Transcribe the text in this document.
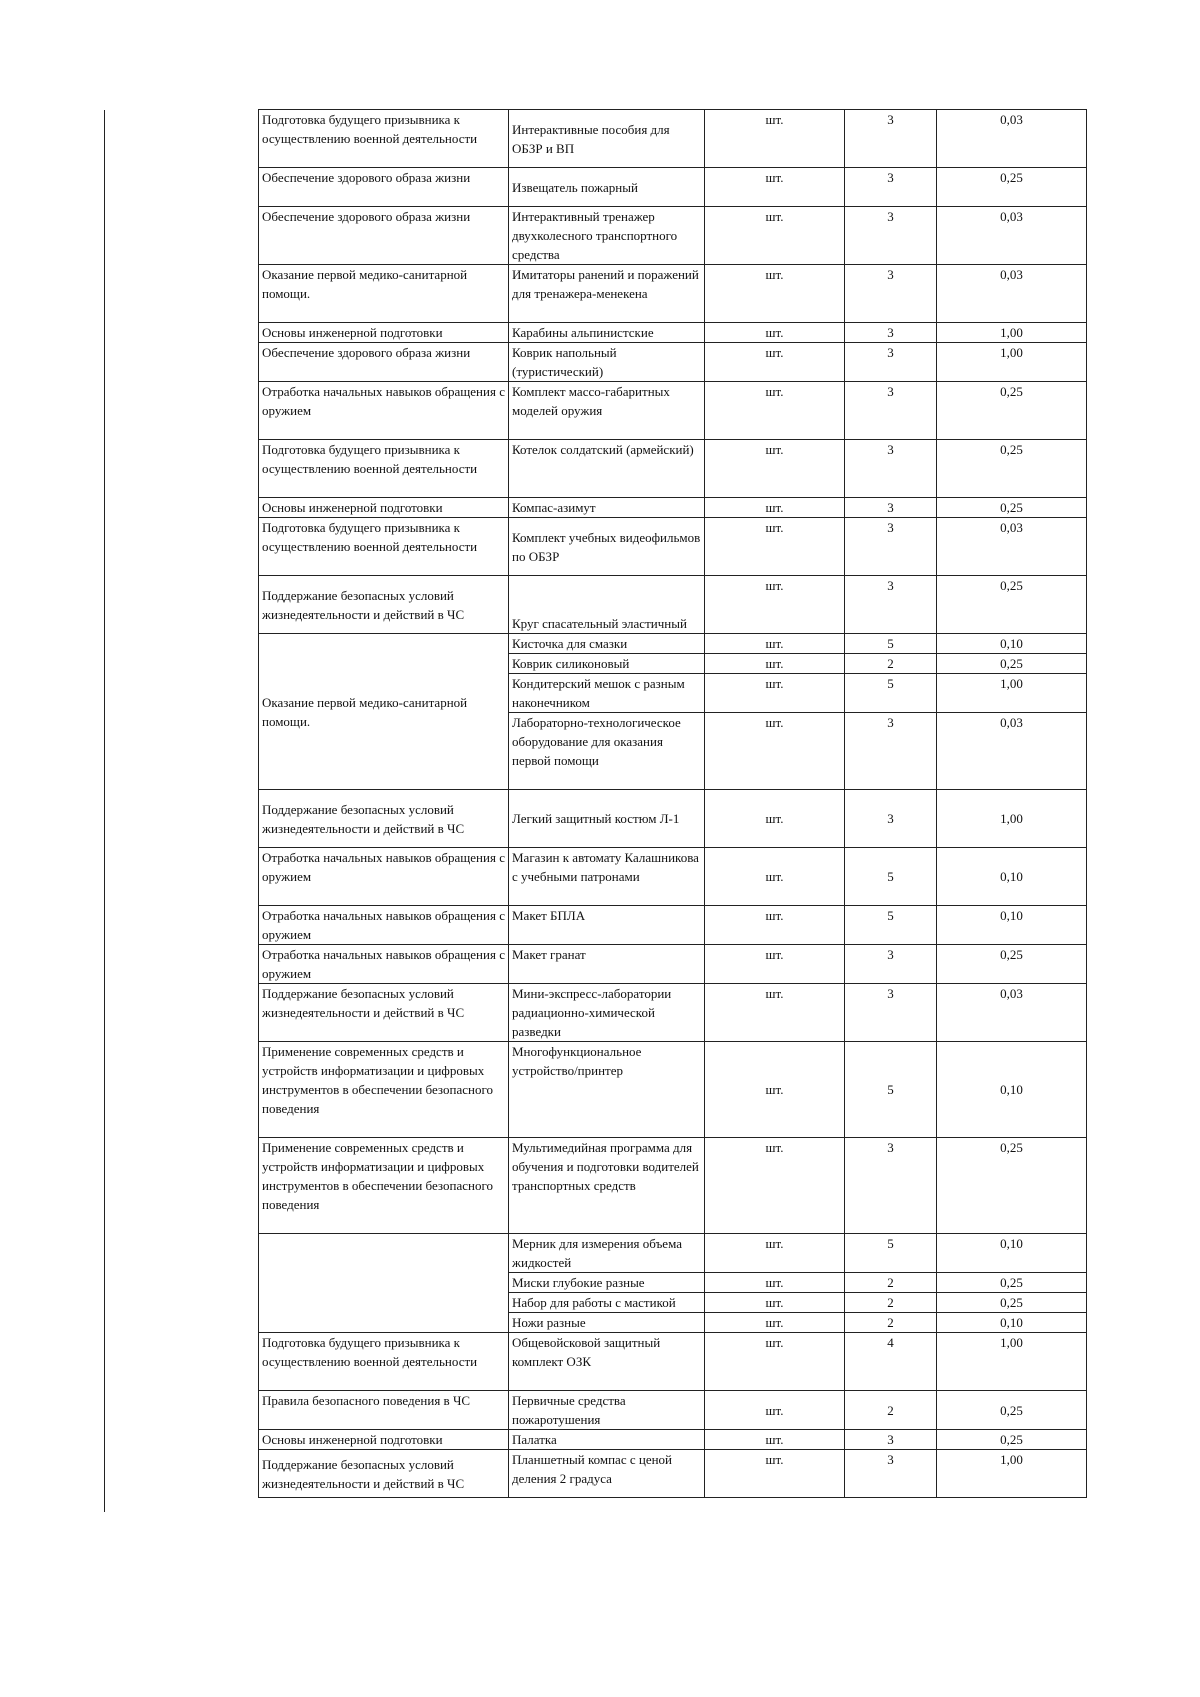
Подготовка будущего призывника к осуществлению военной деятельности	Интерактивные пособия для ОБЗР и ВП	шт.	3	0,03
Обеспечение здорового образа жизни	Извещатель пожарный	шт.	3	0,25
Обеспечение здорового образа жизни	Интерактивный тренажер двухколесного транспортного средства	шт.	3	0,03
Оказание первой медико-санитарной помощи.	Имитаторы ранений и поражений для тренажера-менекена	шт.	3	0,03
Основы инженерной подготовки	Карабины альпинистские	шт.	3	1,00
Обеспечение здорового образа жизни	Коврик напольный (туристический)	шт.	3	1,00
Отработка начальных навыков обращения с оружием	Комплект массо-габаритных моделей оружия	шт.	3	0,25
Подготовка будущего призывника к осуществлению военной деятельности	Котелок солдатский (армейский)	шт.	3	0,25
Основы инженерной подготовки	Компас-азимут	шт.	3	0,25
Подготовка будущего призывника к осуществлению военной деятельности	Комплект учебных видеофильмов по ОБЗР	шт.	3	0,03
Поддержание безопасных условий жизнедеятельности и действий в ЧС	Круг спасательный эластичный	шт.	3	0,25
Оказание первой медико-санитарной помощи.	Кисточка для смазки	шт.	5	0,10
	Коврик силиконовый	шт.	2	0,25
	Кондитерский мешок с разным наконечником	шт.	5	1,00
	Лабораторно-технологическое оборудование для оказания первой помощи	шт.	3	0,03
Поддержание безопасных условий жизнедеятельности и действий в ЧС	Легкий защитный костюм Л-1	шт.	3	1,00
Отработка начальных навыков обращения с оружием	Магазин к автомату Калашникова с учебными патронами	шт.	5	0,10
Отработка начальных навыков обращения с оружием	Макет БПЛА	шт.	5	0,10
Отработка начальных навыков обращения с оружием	Макет гранат	шт.	3	0,25
Поддержание безопасных условий жизнедеятельности и действий в ЧС	Мини-экспресс-лаборатории радиационно-химической разведки	шт.	3	0,03
Применение современных средств и устройств информатизации и цифровых инструментов в обеспечении безопасного поведения	Многофункциональное устройство/принтер	шт.	5	0,10
Применение современных средств и устройств информатизации и цифровых инструментов в обеспечении безопасного поведения	Мультимедийная программа для обучения и подготовки водителей транспортных средств	шт.	3	0,25
	Мерник для измерения объема жидкостей	шт.	5	0,10
	Миски глубокие разные	шт.	2	0,25
	Набор для работы с мастикой	шт.	2	0,25
	Ножи разные	шт.	2	0,10
Подготовка будущего призывника к осуществлению военной деятельности	Общевойсковой защитный комплект ОЗК	шт.	4	1,00
Правила безопасного поведения в ЧС	Первичные средства пожаротушения	шт.	2	0,25
Основы инженерной подготовки	Палатка	шт.	3	0,25
Поддержание безопасных условий жизнедеятельности и действий в ЧС	Планшетный компас с ценой деления 2 градуса	шт.	3	1,00
